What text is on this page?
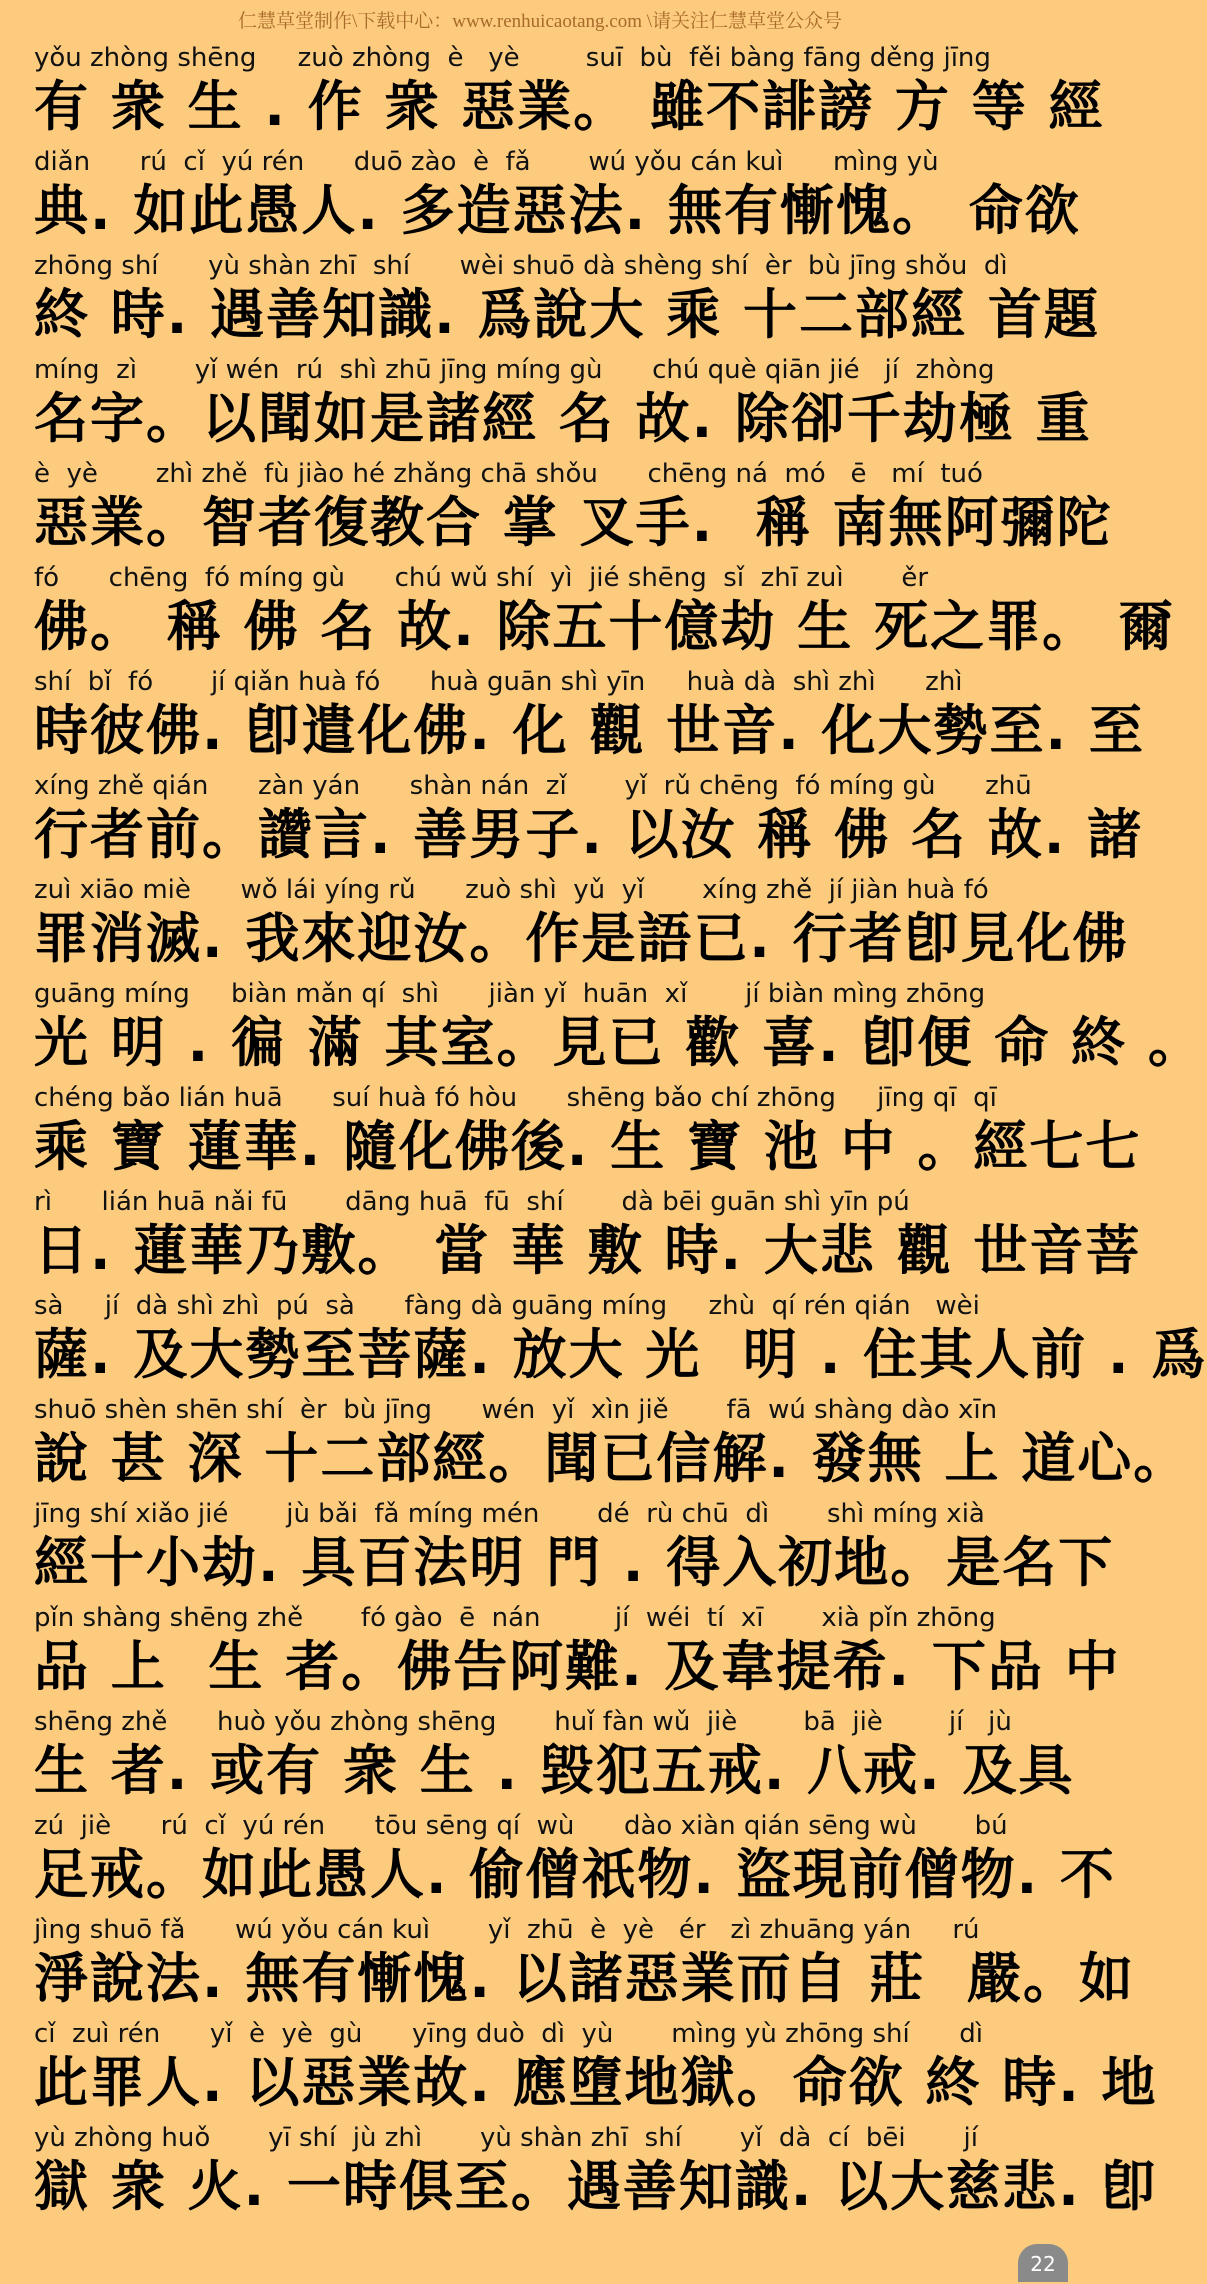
仁慧草堂制作\下载中心：www.renhuicaotang.com \请关注仁慧草堂公众号
yǒu zhòng shēng     zuò zhòng  è   yè        suī  bù  fěi bàng fāng děng jīng
有 衆 生 . 作 衆 惡業。 雖不誹謗 方 等 經
diǎn      rú  cǐ  yú rén      duō zào  è  fǎ       wú yǒu cán kuì      mìng yù
典. 如此愚人. 多造惡法. 無有慚愧。 命欲
zhōng shí      yù shàn zhī  shí      wèi shuō dà shèng shí  èr  bù jīng shǒu  dì
終 時. 遇善知識. 爲說大 乘 十二部經 首題
míng  zì       yǐ wén  rú  shì zhū jīng míng gù      chú què qiān jié   jí  zhòng
名字。以聞如是諸經 名 故. 除卻千劫極 重
è  yè       zhì zhě  fù jiào hé zhǎng chā shǒu      chēng ná  mó   ē   mí  tuó
惡業。智者復教合 掌 叉手.  稱 南無阿彌陀
fó      chēng  fó míng gù      chú wǔ shí  yì  jié shēng  sǐ  zhī zuì       ěr
佛。 稱 佛 名 故. 除五十億劫 生 死之罪。 爾
shí  bǐ  fó       jí qiǎn huà fó      huà guān shì yīn     huà dà  shì zhì      zhì
時彼佛. 卽遣化佛. 化 觀 世音. 化大勢至. 至
xíng zhě qián      zàn yán      shàn nán  zǐ       yǐ  rǔ chēng  fó míng gù      zhū
行者前。讚言. 善男子. 以汝 稱 佛 名 故. 諸
zuì xiāo miè      wǒ lái yíng rǔ      zuò shì  yǔ  yǐ       xíng zhě  jí jiàn huà fó
罪消滅. 我來迎汝。作是語已. 行者卽見化佛
guāng míng     biàn mǎn qí  shì      jiàn yǐ  huān  xǐ       jí biàn mìng zhōng
光 明 . 徧 滿 其室。見已 歡 喜. 卽便 命 終 。
chéng bǎo lián huā      suí huà fó hòu      shēng bǎo chí zhōng     jīng qī  qī
乘 寶 蓮華. 隨化佛後. 生 寶 池 中 。經七七
rì      lián huā nǎi fū       dāng huā  fū  shí       dà bēi guān shì yīn pú
日. 蓮華乃敷。 當 華 敷 時. 大悲 觀 世音菩
sà     jí  dà shì zhì  pú  sà      fàng dà guāng míng     zhù  qí rén qián   wèi
薩. 及大勢至菩薩. 放大 光  明 . 住其人前 . 爲
shuō shèn shēn shí  èr  bù jīng      wén  yǐ  xìn jiě       fā  wú shàng dào xīn
說 甚 深 十二部經。聞已信解. 發無 上 道心。
jīng shí xiǎo jié       jù bǎi  fǎ míng mén       dé  rù chū  dì       shì míng xià
經十小劫. 具百法明 門 . 得入初地。是名下
pǐn shàng shēng zhě       fó gào  ē  nán         jí  wéi  tí  xī       xià pǐn zhōng
品 上  生 者。佛告阿難. 及韋提希. 下品 中
shēng zhě      huò yǒu zhòng shēng       huǐ fàn wǔ  jiè        bā  jiè        jí   jù
生 者. 或有 衆 生 . 毀犯五戒. 八戒. 及具
zú  jiè      rú  cǐ  yú rén      tōu sēng qí  wù      dào xiàn qián sēng wù       bú
足戒。如此愚人. 偷僧祇物. 盜現前僧物. 不
jìng shuō fǎ      wú yǒu cán kuì       yǐ  zhū  è  yè   ér   zì zhuāng yán     rú
淨說法. 無有慚愧. 以諸惡業而自 莊  嚴。如
cǐ  zuì rén      yǐ  è  yè  gù      yīng duò  dì  yù       mìng yù zhōng shí      dì
此罪人. 以惡業故. 應墮地獄。命欲 終 時. 地
yù zhòng huǒ       yī shí  jù zhì       yù shàn zhī  shí       yǐ  dà  cí  bēi       jí
獄 衆 火. 一時俱至。遇善知識. 以大慈悲. 卽
22
